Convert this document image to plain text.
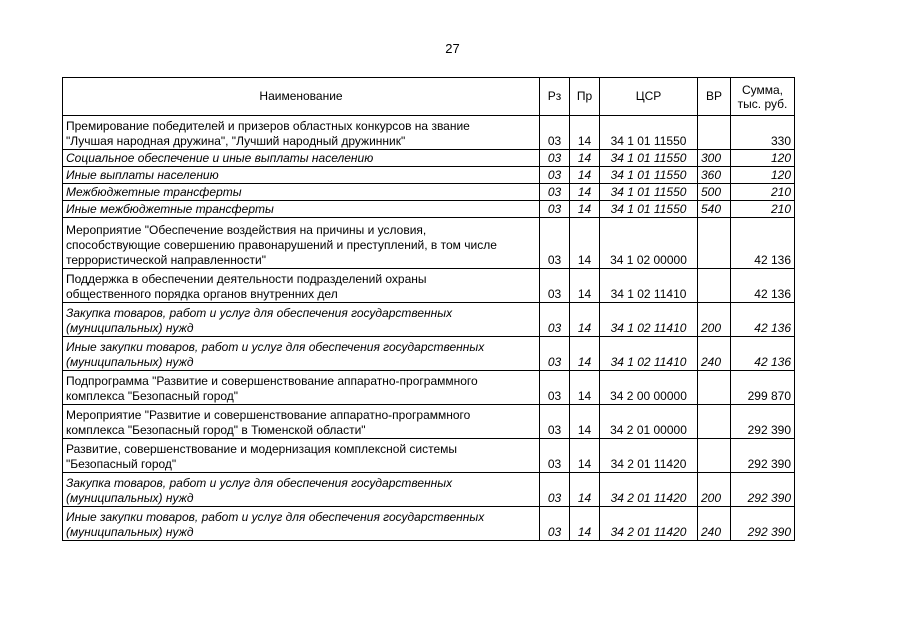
27
Наименование	Рз	Пр	ЦСР	ВР	Сумма,
тыс. руб.

Премирование победителей и призеров областных конкурсов на звание
"Лучшая народная дружина", "Лучший народный дружинник"	03	14	34 1 01 11550		330

Социальное обеспечение и иные выплаты населению	03	14	34 1 01 11550	300	120

Иные выплаты населению	03	14	34 1 01 11550	360	120

Межбюджетные трансферты	03	14	34 1 01 11550	500	210

Иные межбюджетные трансферты	03	14	34 1 01 11550	540	210

Мероприятие "Обеспечение воздействия на причины и условия,
способствующие совершению правонарушений и преступлений, в том числе
террористической направленности"	03	14	34 1 02 00000		42 136

Поддержка в обеспечении деятельности подразделений охраны
общественного порядка органов внутренних дел	03	14	34 1 02 11410		42 136

Закупка товаров, работ и услуг для обеспечения государственных
(муниципальных) нужд	03	14	34 1 02 11410	200	42 136

Иные закупки товаров, работ и услуг для обеспечения государственных
(муниципальных) нужд	03	14	34 1 02 11410	240	42 136

Подпрограмма "Развитие и совершенствование аппаратно-программного
комплекса "Безопасный город"	03	14	34 2 00 00000		299 870

Мероприятие "Развитие и совершенствование аппаратно-программного
комплекса "Безопасный город" в Тюменской области"	03	14	34 2 01 00000		292 390

Развитие, совершенствование и модернизация комплексной системы
"Безопасный город"	03	14	34 2 01 11420		292 390

Закупка товаров, работ и услуг для обеспечения государственных
(муниципальных) нужд	03	14	34 2 01 11420	200	292 390

Иные закупки товаров, работ и услуг для обеспечения государственных
(муниципальных) нужд	03	14	34 2 01 11420	240	292 390
